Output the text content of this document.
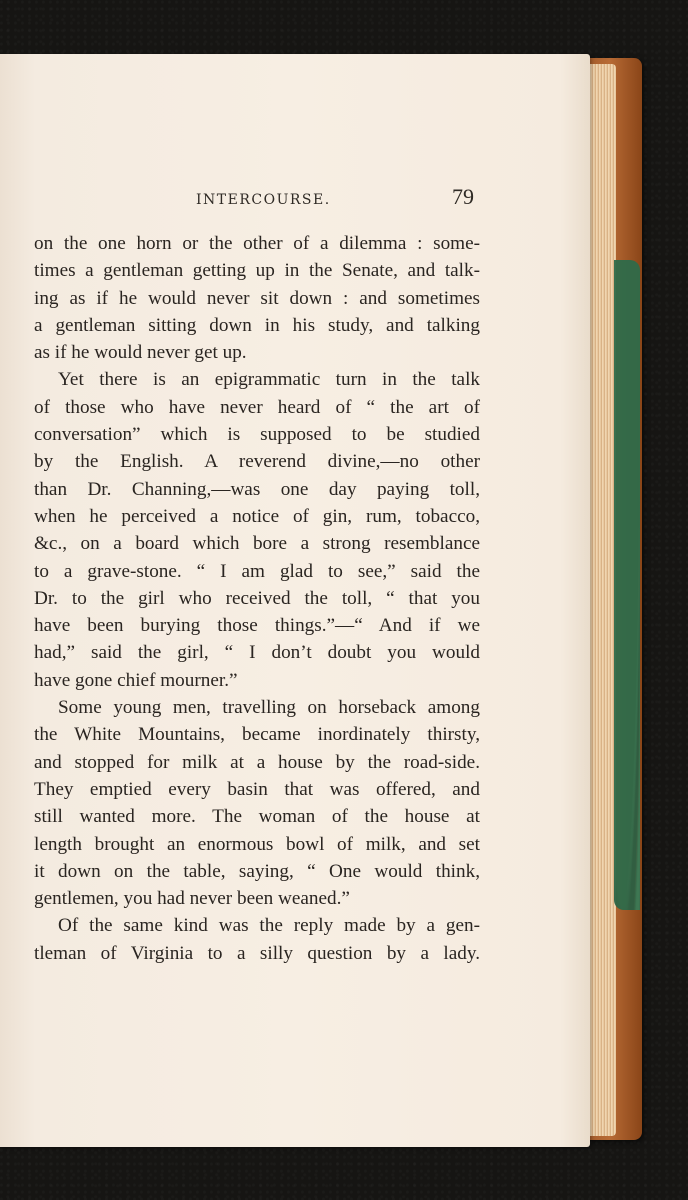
INTERCOURSE.	79
on the one horn or the other of a dilemma : some-
times a gentleman getting up in the Senate, and talk-
ing as if he would never sit down : and sometimes
a gentleman sitting down in his study, and talking
as if he would never get up.
Yet there is an epigrammatic turn in the talk
of those who have never heard of “ the art of
conversation” which is supposed to be studied
by the English. A reverend divine,—no other
than Dr. Channing,—was one day paying toll,
when he perceived a notice of gin, rum, tobacco,
&c., on a board which bore a strong resemblance
to a grave-stone. “ I am glad to see,” said the
Dr. to the girl who received the toll, “ that you
have been burying those things.”—“ And if we
had,” said the girl, “ I don’t doubt you would
have gone chief mourner.”
Some young men, travelling on horseback among
the White Mountains, became inordinately thirsty,
and stopped for milk at a house by the road-side.
They emptied every basin that was offered, and
still wanted more. The woman of the house at
length brought an enormous bowl of milk, and set
it down on the table, saying, “ One would think,
gentlemen, you had never been weaned.”
Of the same kind was the reply made by a gen-
tleman of Virginia to a silly question by a lady.
